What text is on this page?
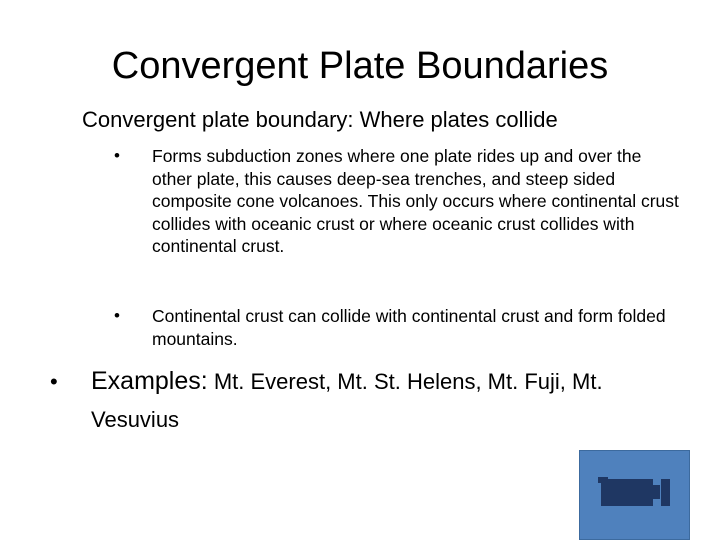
Convergent Plate Boundaries
Convergent plate boundary: Where plates collide
• Forms subduction zones where one plate rides up and over the other plate, this causes deep-sea trenches, and steep sided composite cone volcanoes. This only occurs where continental crust collides with oceanic crust or where oceanic crust collides with continental crust.
• Continental crust can collide with continental crust and form folded mountains.
• Examples: Mt. Everest, Mt. St. Helens, Mt. Fuji, Mt. Vesuvius
